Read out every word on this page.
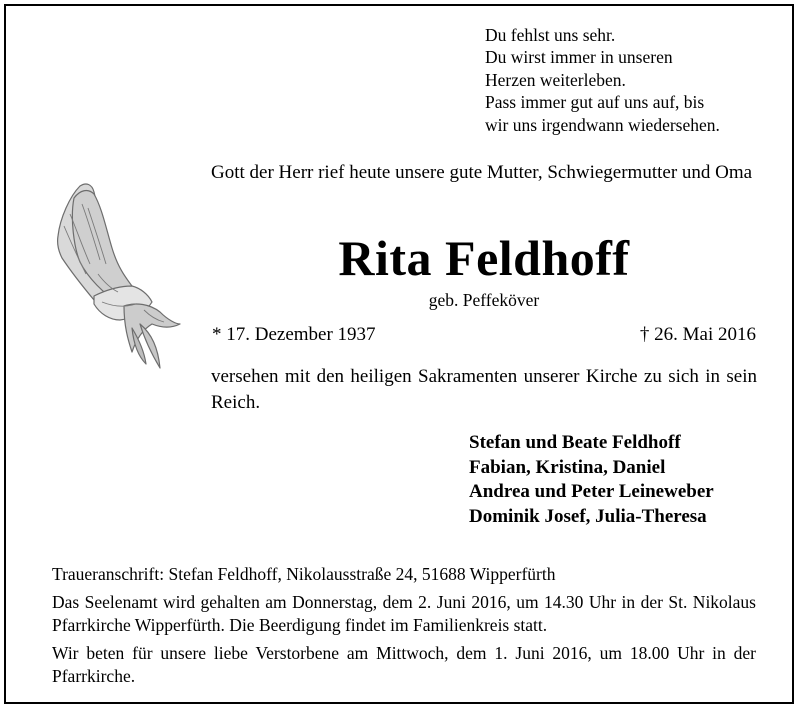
Du fehlst uns sehr.
Du wirst immer in unseren
Herzen weiterleben.
Pass immer gut auf uns auf, bis
wir uns irgendwann wiedersehen.
Gott der Herr rief heute unsere gute Mutter, Schwiegermutter und Oma
Rita Feldhoff
geb. Peffeköver
* 17. Dezember 1937	† 26. Mai 2016
versehen mit den heiligen Sakramenten unserer Kirche zu sich in sein Reich.
Stefan und Beate Feldhoff
Fabian, Kristina, Daniel
Andrea und Peter Leineweber
Dominik Josef, Julia-Theresa

Traueranschrift: Stefan Feldhoff, Nikolausstraße 24, 51688 Wipperfürth

Das Seelenamt wird gehalten am Donnerstag, dem 2. Juni 2016, um 14.30 Uhr in der St. Nikolaus Pfarrkirche Wipperfürth. Die Beerdigung findet im Familienkreis statt.

Wir beten für unsere liebe Verstorbene am Mittwoch, dem 1. Juni 2016, um 18.00 Uhr in der Pfarrkirche.
